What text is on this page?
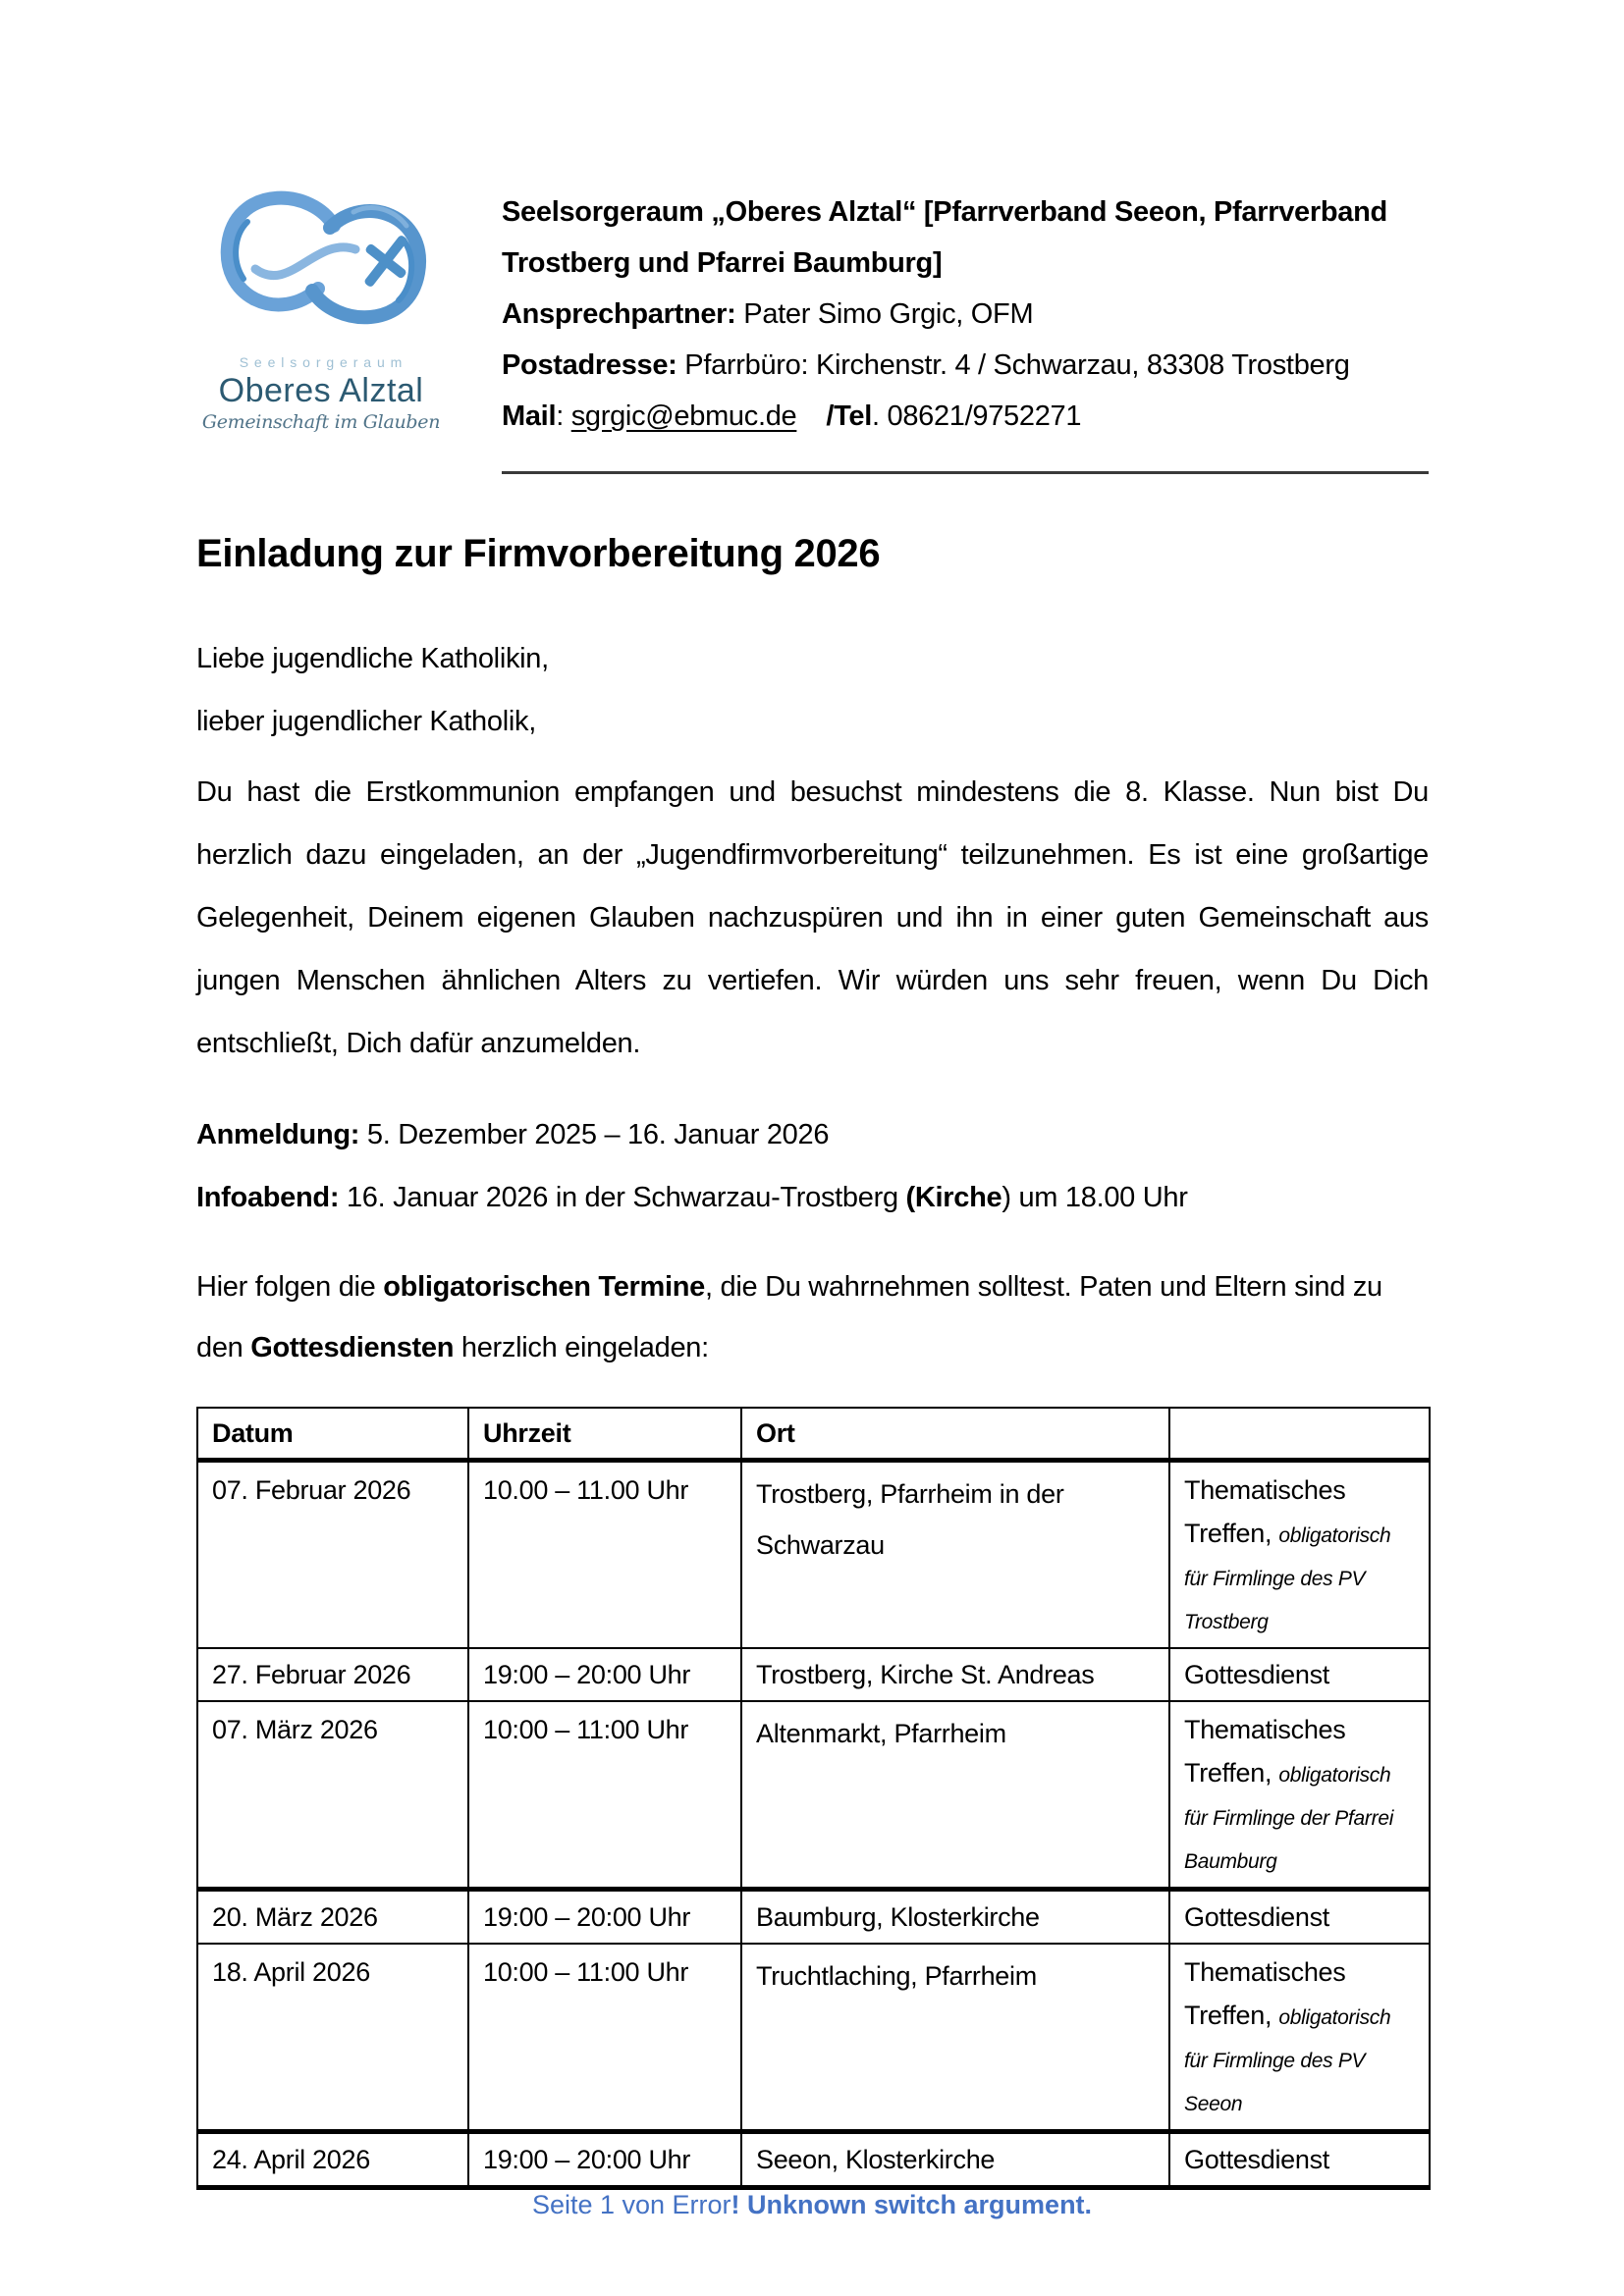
S e e l s o r g e r a u m
Oberes Alztal
Gemeinschaft im Glauben
Seelsorgeraum „Oberes Alztal“ [Pfarrverband Seeon, Pfarrverband Trostberg und Pfarrei Baumburg]
Ansprechpartner: Pater Simo Grgic, OFM
Postadresse: Pfarrbüro: Kirchenstr. 4 / Schwarzau, 83308 Trostberg
Mail: sgrgic@ebmuc.de /Tel. 08621/9752271
Einladung zur Firmvorbereitung 2026
Liebe jugendliche Katholikin,
lieber jugendlicher Katholik,

Du hast die Erstkommunion empfangen und besuchst mindestens die 8. Klasse. Nun bist Du herzlich dazu eingeladen, an der „Jugendfirmvorbereitung“ teilzunehmen. Es ist eine großartige Gelegenheit, Deinem eigenen Glauben nachzuspüren und ihn in einer guten Gemeinschaft aus jungen Menschen ähnlichen Alters zu vertiefen. Wir würden uns sehr freuen, wenn Du Dich entschließt, Dich dafür anzumelden.

Anmeldung: 5. Dezember 2025 – 16. Januar 2026
Infoabend: 16. Januar 2026 in der Schwarzau-Trostberg (Kirche) um 18.00 Uhr

Hier folgen die obligatorischen Termine, die Du wahrnehmen solltest. Paten und Eltern sind zu den Gottesdiensten herzlich eingeladen:

Datum	Uhrzeit	Ort	
07. Februar 2026	10.00 – 11.00 Uhr	Trostberg, Pfarrheim in der Schwarzau	Thematisches Treffen, obligatorisch für Firmlinge des PV Trostberg
27. Februar 2026	19:00 – 20:00 Uhr	Trostberg, Kirche St. Andreas	Gottesdienst
07. März 2026	10:00 – 11:00 Uhr	Altenmarkt, Pfarrheim	Thematisches Treffen, obligatorisch für Firmlinge der Pfarrei Baumburg
20. März 2026	19:00 – 20:00 Uhr	Baumburg, Klosterkirche	Gottesdienst
18. April 2026	10:00 – 11:00 Uhr	Truchtlaching, Pfarrheim	Thematisches Treffen, obligatorisch für Firmlinge des PV Seeon
24. April 2026	19:00 – 20:00 Uhr	Seeon, Klosterkirche	Gottesdienst
Seite 1 von Error! Unknown switch argument.
